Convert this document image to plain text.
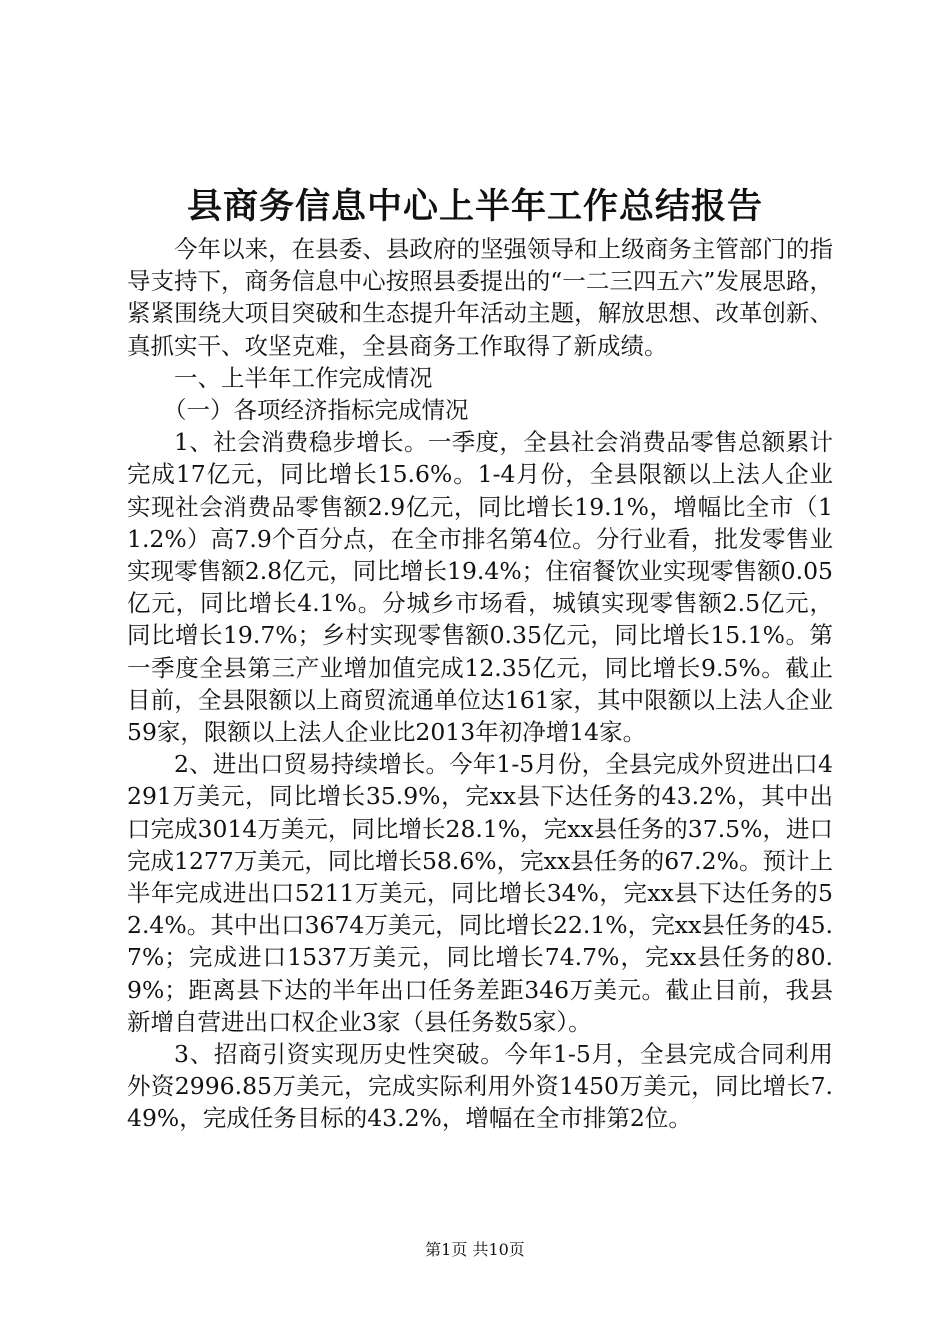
县商务信息中心上半年工作总结报告

今年以来，在县委、县政府的坚强领导和上级商务主管部门的指导支持下，商务信息中心按照县委提出的“一二三四五六”发展思路，紧紧围绕大项目突破和生态提升年活动主题，解放思想、改革创新、真抓实干、攻坚克难，全县商务工作取得了新成绩。

一、上半年工作完成情况

（一）各项经济指标完成情况

1、社会消费稳步增长。一季度，全县社会消费品零售总额累计完成17亿元，同比增长15.6%。1-4月份，全县限额以上法人企业实现社会消费品零售额2.9亿元，同比增长19.1%，增幅比全市（11.2%）高7.9个百分点，在全市排名第4位。分行业看，批发零售业实现零售额2.8亿元，同比增长19.4%；住宿餐饮业实现零售额0.05亿元，同比增长4.1%。分城乡市场看，城镇实现零售额2.5亿元，同比增长19.7%；乡村实现零售额0.35亿元，同比增长15.1%。第一季度全县第三产业增加值完成12.35亿元，同比增长9.5%。截止目前，全县限额以上商贸流通单位达161家，其中限额以上法人企业59家，限额以上法人企业比2013年初净增14家。

2、进出口贸易持续增长。今年1-5月份，全县完成外贸进出口4291万美元，同比增长35.9%，完xx县下达任务的43.2%，其中出口完成3014万美元，同比增长28.1%，完xx县任务的37.5%，进口完成1277万美元，同比增长58.6%，完xx县任务的67.2%。预计上半年完成进出口5211万美元，同比增长34%，完xx县下达任务的52.4%。其中出口3674万美元，同比增长22.1%，完xx县任务的45.7%；完成进口1537万美元，同比增长74.7%，完xx县任务的80.9%；距离县下达的半年出口任务差距346万美元。截止目前，我县新增自营进出口权企业3家（县任务数5家）。

3、招商引资实现历史性突破。今年1-5月，全县完成合同利用外资2996.85万美元，完成实际利用外资1450万美元，同比增长7.49%，完成任务目标的43.2%，增幅在全市排第2位。

第1页 共10页
